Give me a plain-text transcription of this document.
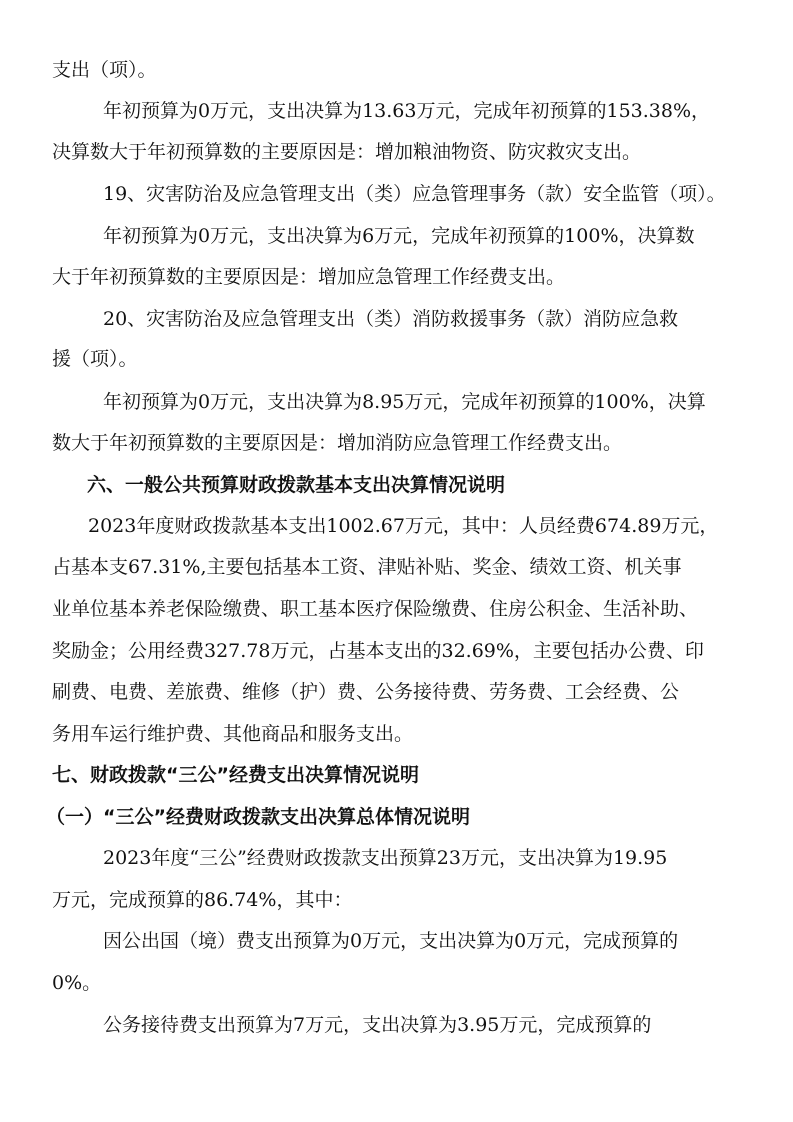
支出（项）。
年初预算为0万元，支出决算为13.63万元，完成年初预算的153.38%，
决算数大于年初预算数的主要原因是：增加粮油物资、防灾救灾支出。
19、灾害防治及应急管理支出（类）应急管理事务（款）安全监管（项）。
年初预算为0万元，支出决算为6万元，完成年初预算的100%，决算数
大于年初预算数的主要原因是：增加应急管理工作经费支出。
20、灾害防治及应急管理支出（类）消防救援事务（款）消防应急救
援（项）。
年初预算为0万元，支出决算为8.95万元，完成年初预算的100%，决算
数大于年初预算数的主要原因是：增加消防应急管理工作经费支出。
六、一般公共预算财政拨款基本支出决算情况说明
2023年度财政拨款基本支出1002.67万元，其中：人员经费674.89万元，
占基本支67.31%,主要包括基本工资、津贴补贴、奖金、绩效工资、机关事
业单位基本养老保险缴费、职工基本医疗保险缴费、住房公积金、生活补助、
奖励金；公用经费327.78万元，占基本支出的32.69%，主要包括办公费、印
刷费、电费、差旅费、维修（护）费、公务接待费、劳务费、工会经费、公
务用车运行维护费、其他商品和服务支出。
七、财政拨款“三公”经费支出决算情况说明
（一）“三公”经费财政拨款支出决算总体情况说明
2023年度“三公”经费财政拨款支出预算23万元，支出决算为19.95
万元，完成预算的86.74%，其中：
因公出国（境）费支出预算为0万元，支出决算为0万元，完成预算的
0%。
公务接待费支出预算为7万元，支出决算为3.95万元，完成预算的
